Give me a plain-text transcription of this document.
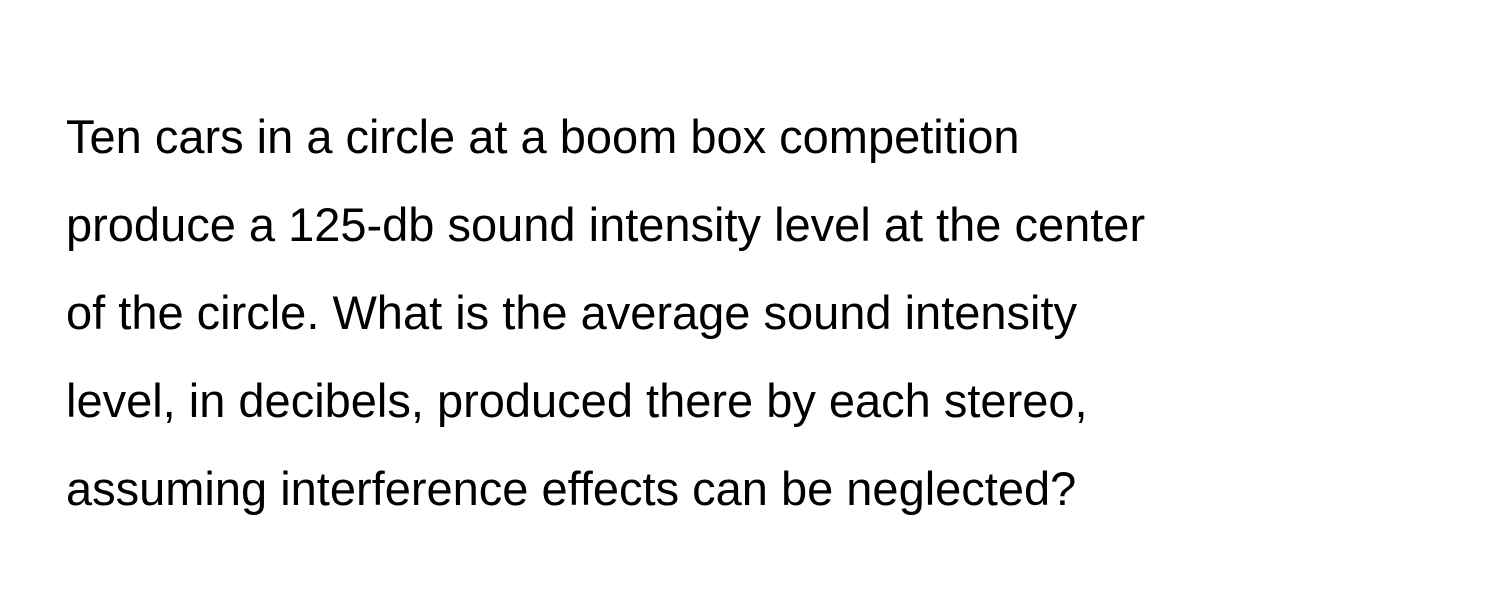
Ten cars in a circle at a boom box competition
produce a 125-db sound intensity level at the center
of the circle. What is the average sound intensity
level, in decibels, produced there by each stereo,
assuming interference effects can be neglected?
